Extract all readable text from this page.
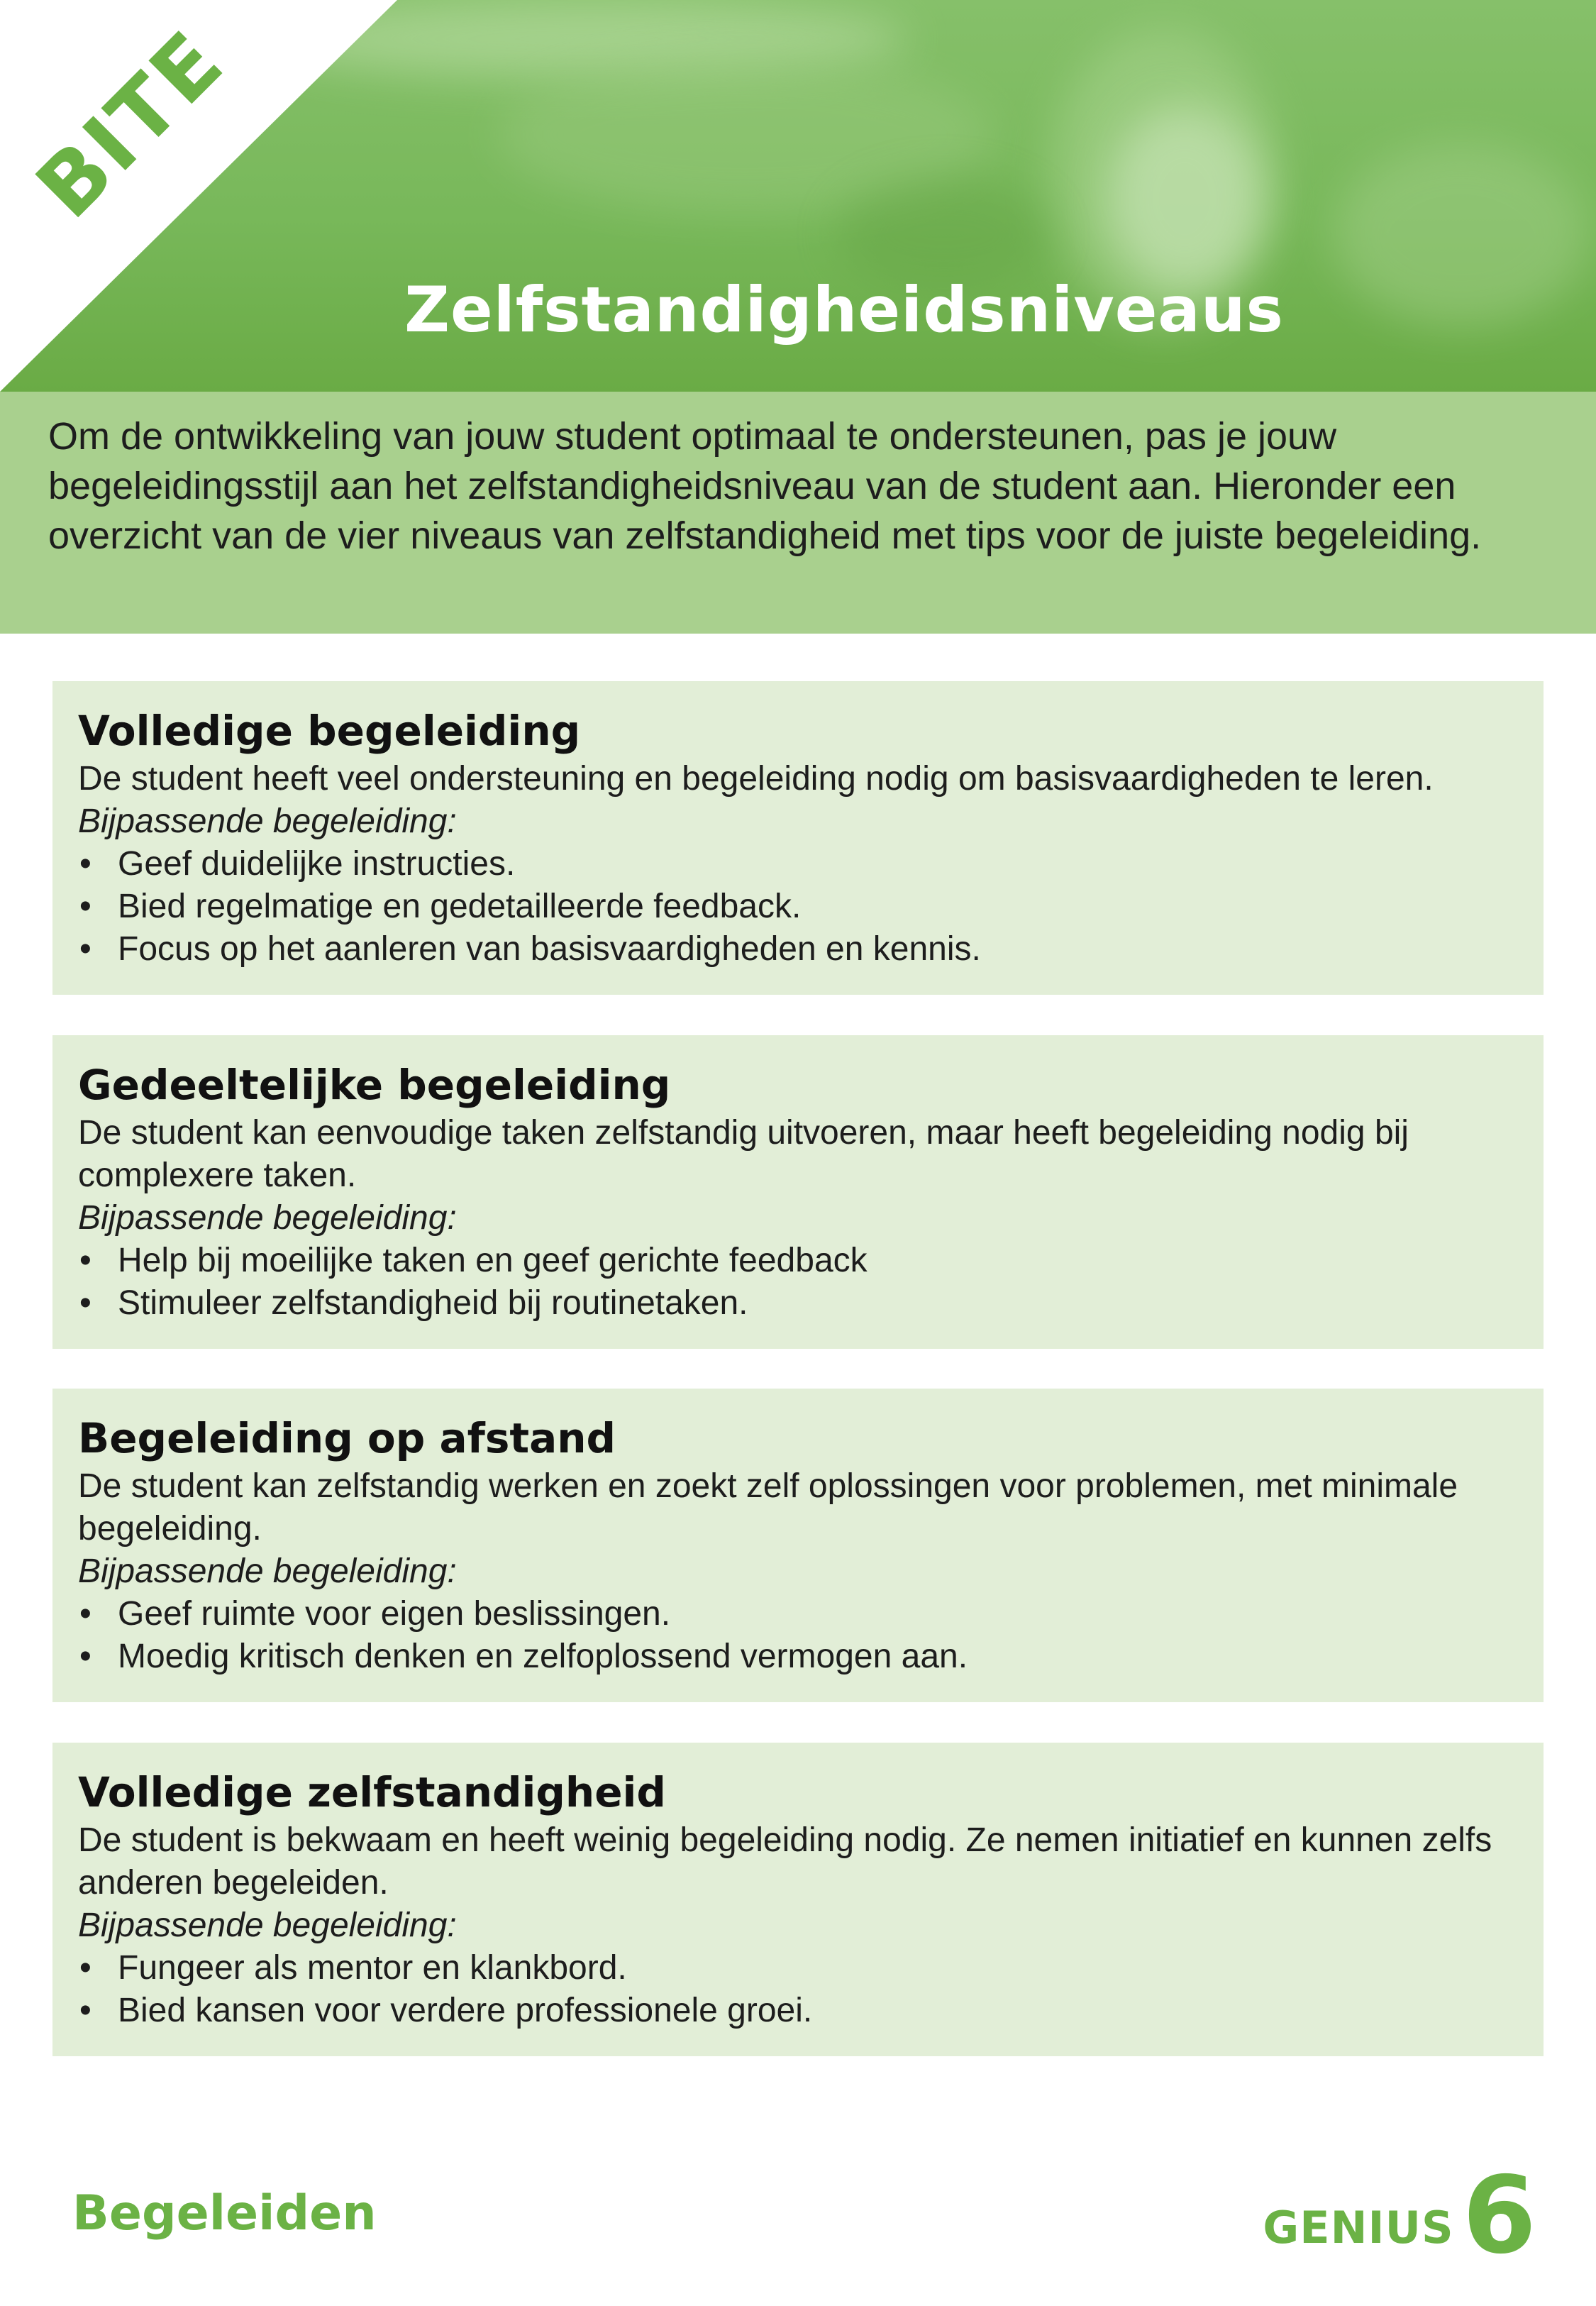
BITE
Zelfstandigheidsniveaus
Om de ontwikkeling van jouw student optimaal te ondersteunen, pas je jouw begeleidingsstijl aan het zelfstandigheidsniveau van de student aan. Hieronder een overzicht van de vier niveaus van zelfstandigheid met tips voor de juiste begeleiding.
Volledige begeleiding

De student heeft veel ondersteuning en begeleiding nodig om basisvaardigheden te leren.

Bijpassende begeleiding:

• Geef duidelijke instructies.
• Bied regelmatige en gedetailleerde feedback.
• Focus op het aanleren van basisvaardigheden en kennis.
Gedeeltelijke begeleiding

De student kan eenvoudige taken zelfstandig uitvoeren, maar heeft begeleiding nodig bij complexere taken.

Bijpassende begeleiding:

• Help bij moeilijke taken en geef gerichte feedback
• Stimuleer zelfstandigheid bij routinetaken.
Begeleiding op afstand

De student kan zelfstandig werken en zoekt zelf oplossingen voor problemen, met minimale begeleiding.

Bijpassende begeleiding:

• Geef ruimte voor eigen beslissingen.
• Moedig kritisch denken en zelfoplossend vermogen aan.
Volledige zelfstandigheid

De student is bekwaam en heeft weinig begeleiding nodig. Ze nemen initiatief en kunnen zelfs anderen begeleiden.

Bijpassende begeleiding:

• Fungeer als mentor en klankbord.
• Bied kansen voor verdere professionele groei.
Begeleiden	GENIUS 6
